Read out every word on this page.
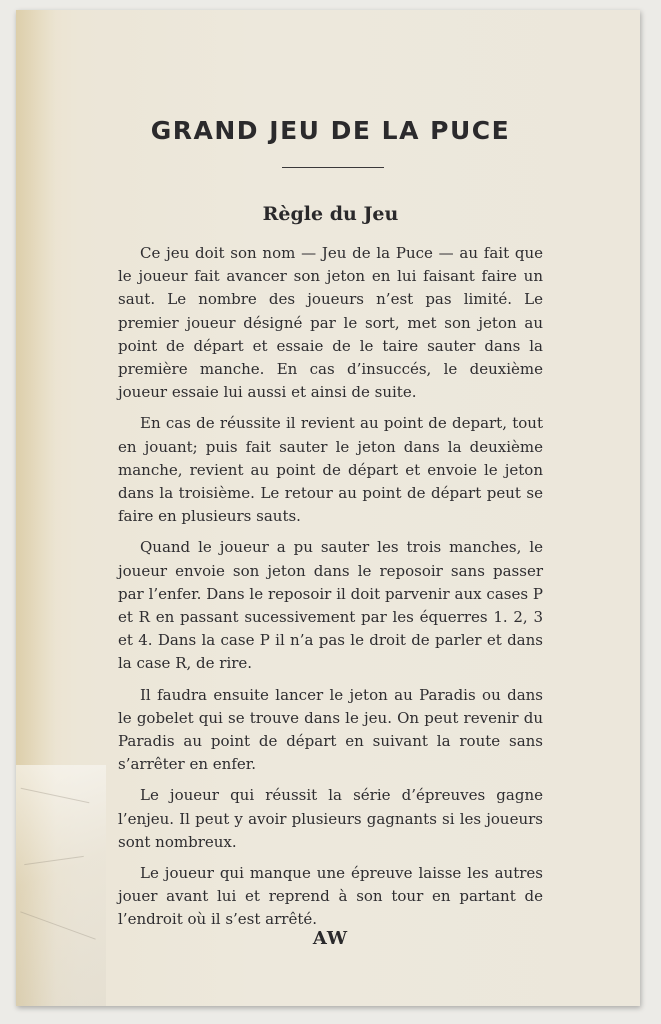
GRAND JEU DE LA PUCE
Règle du Jeu

Ce jeu doit son nom — Jeu de la Puce — au fait que le joueur fait avancer son jeton en lui faisant faire un saut. Le nombre des joueurs n’est pas limité. Le premier joueur désigné par le sort, met son jeton au point de départ et essaie de le taire sauter dans la première manche. En cas d’insuccés, le deuxième joueur essaie lui aussi et ainsi de suite.

En cas de réussite il revient au point de depart, tout en jouant; puis fait sauter le jeton dans la deuxième manche, revient au point de départ et envoie le jeton dans la troisième. Le retour au point de départ peut se faire en plusieurs sauts.

Quand le joueur a pu sauter les trois manches, le joueur envoie son jeton dans le reposoir sans passer par l’enfer. Dans le reposoir il doit parvenir aux cases P et R en passant sucessivement par les équerres 1. 2, 3 et 4. Dans la case P il n’a pas le droit de parler et dans la case R, de rire.

Il faudra ensuite lancer le jeton au Paradis ou dans le gobelet qui se trouve dans le jeu. On peut revenir du Paradis au point de départ en suivant la route sans s’arrêter en enfer.

Le joueur qui réussit la série d’épreuves gagne l’enjeu. Il peut y avoir plusieurs gagnants si les joueurs sont nombreux.

Le joueur qui manque une épreuve laisse les autres jouer avant lui et reprend à son tour en partant de l’endroit où il s’est arrêté.

AW
